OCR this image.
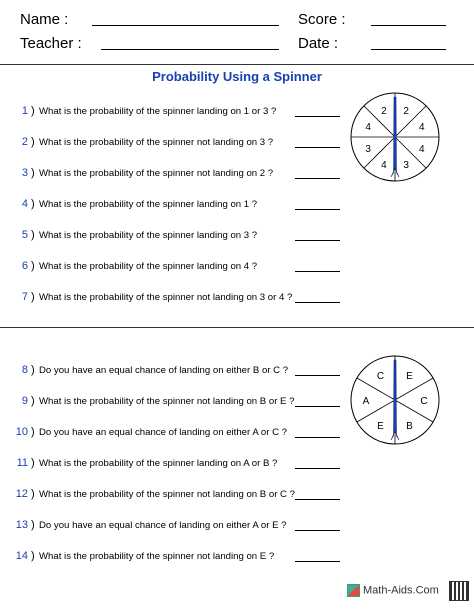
Name :	Score :
Teacher :	Date :
Probability Using a Spinner
2
4
4
3
4
3
4
2
1 ) What is the probability of the spinner landing on 1 or 3 ?
2 ) What is the probability of the spinner not landing on 3 ?
3 ) What is the probability of the spinner not landing on 2 ?
4 ) What is the probability of the spinner landing on 1 ?
5 ) What is the probability of the spinner landing on 3 ?
6 ) What is the probability of the spinner landing on 4 ?
7 ) What is the probability of the spinner not landing on 3 or 4 ?
E
C
B
E
A
C
8 ) Do you have an equal chance of landing on either B or C ?
9 ) What is the probability of the spinner not landing on B or E ?
10 ) Do you have an equal chance of landing on either A or C ?
11 ) What is the probability of the spinner landing on A or B ?
12 ) What is the probability of the spinner not landing on B or C ?
13 ) Do you have an equal chance of landing on either A or E ?
14 ) What is the probability of the spinner not landing on E ?
Math-Aids.Com
